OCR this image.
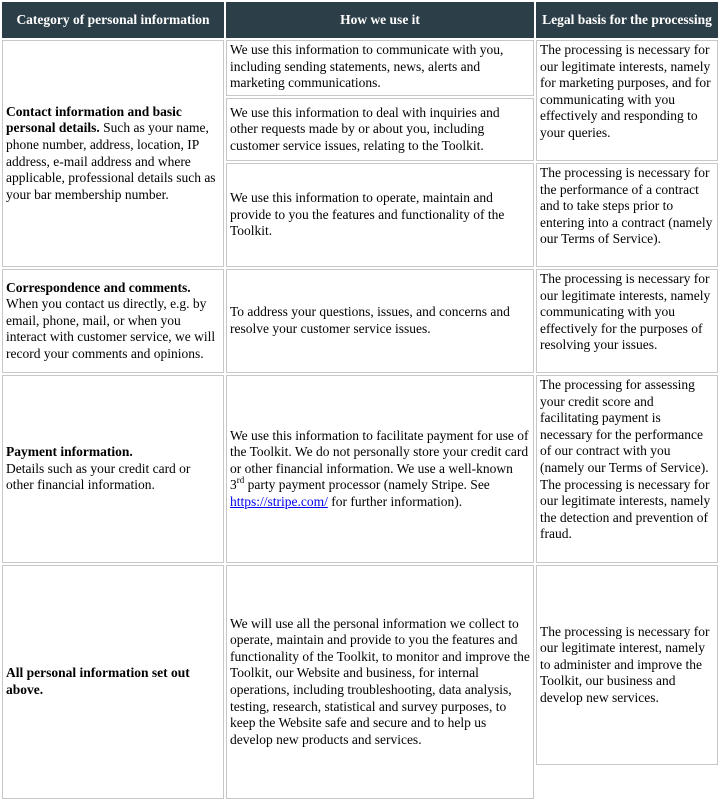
Category of personal information	How we use it	Legal basis for the processing
Contact information and basic personal details. Such as your name, phone number, address, location, IP address, e-mail address and where applicable, professional details such as your bar membership number.
We use this information to communicate with you, including sending statements, news, alerts and marketing communications.
We use this information to deal with inquiries and other requests made by or about you, including customer service issues, relating to the Toolkit.
We use this information to operate, maintain and provide to you the features and functionality of the Toolkit.
The processing is necessary for our legitimate interests, namely for marketing purposes, and for communicating with you effectively and responding to your queries.
The processing is necessary for the performance of a contract and to take steps prior to entering into a contract (namely our Terms of Service).
Correspondence and comments. When you contact us directly, e.g. by email, phone, mail, or when you interact with customer service, we will record your comments and opinions.
To address your questions, issues, and concerns and resolve your customer service issues.
The processing is necessary for our legitimate interests, namely communicating with you effectively for the purposes of resolving your issues.
Payment information.
Details such as your credit card or other financial information.
We use this information to facilitate payment for use of the Toolkit. We do not personally store your credit card or other financial information. We use a well-known 3rd party payment processor (namely Stripe. See https://stripe.com/ for further information).
The processing for assessing your credit score and facilitating payment is necessary for the performance of our contract with you (namely our Terms of Service).
The processing is necessary for our legitimate interests, namely the detection and prevention of fraud.
All personal information set out above.
We will use all the personal information we collect to operate, maintain and provide to you the features and functionality of the Toolkit, to monitor and improve the Toolkit, our Website and business, for internal operations, including troubleshooting, data analysis, testing, research, statistical and survey purposes, to keep the Website safe and secure and to help us develop new products and services.
The processing is necessary for our legitimate interest, namely to administer and improve the Toolkit, our business and develop new services.
